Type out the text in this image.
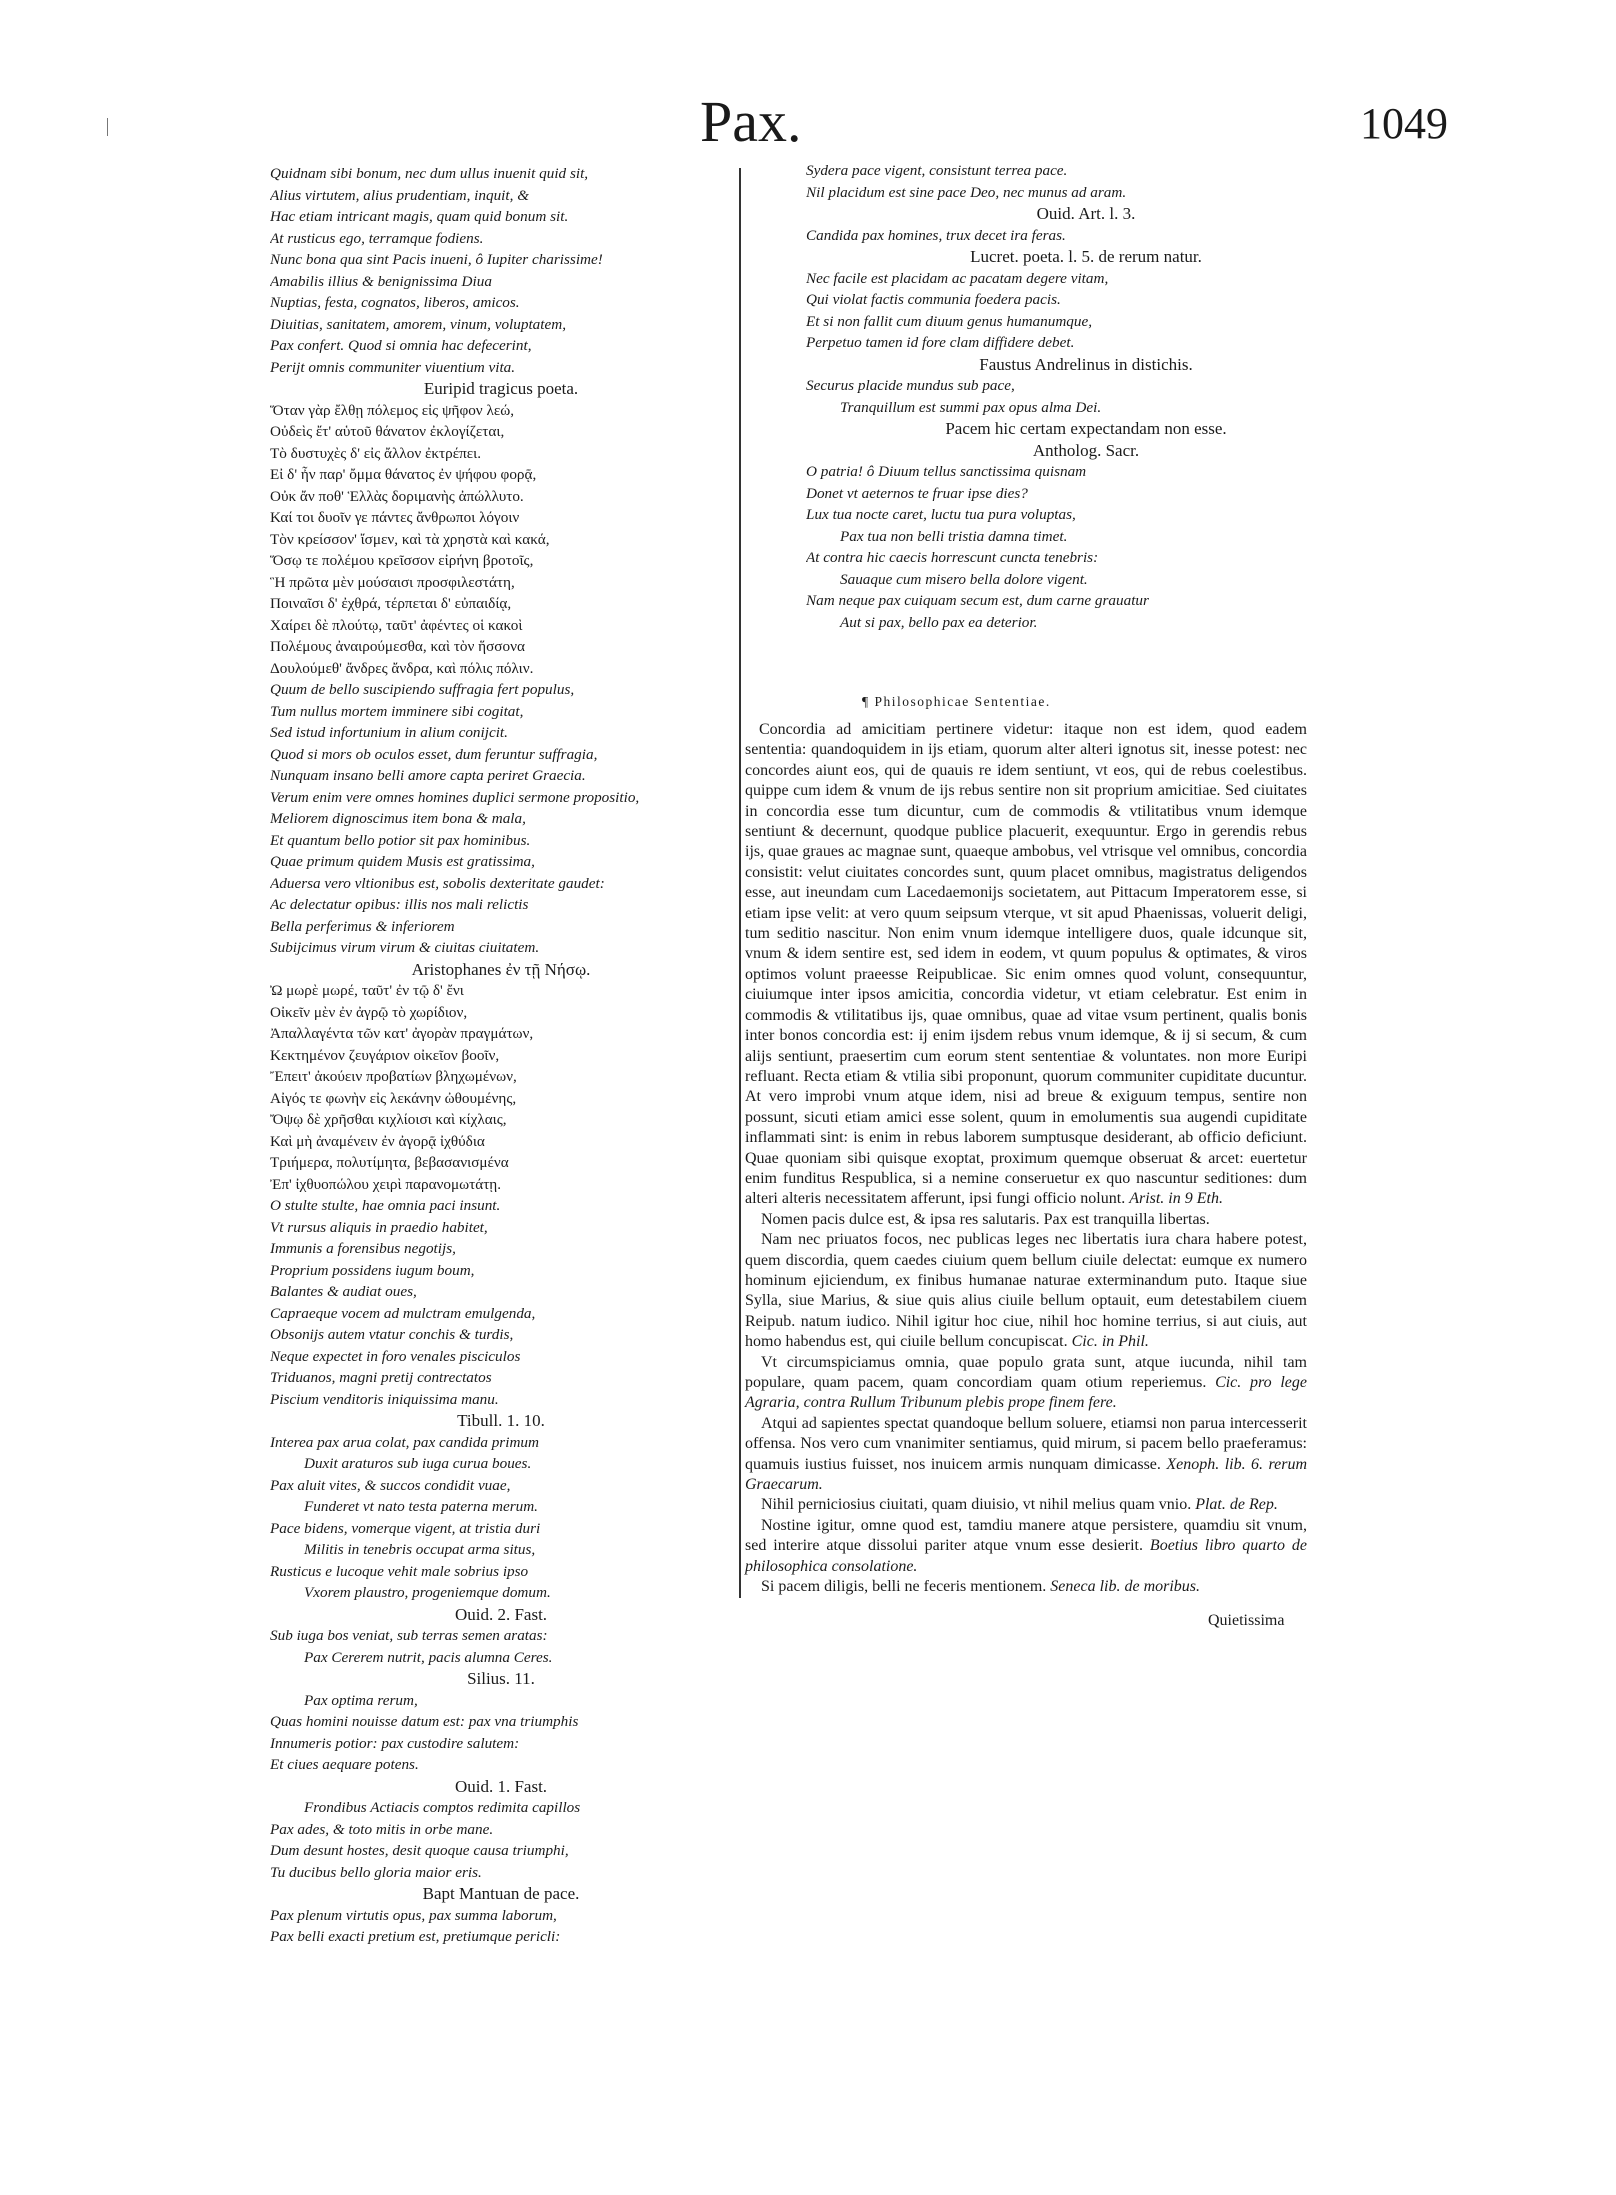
Pax.	1049
Quidnam sibi bonum, nec dum ullus inuenit quid sit,
Alius virtutem, alius prudentiam, inquit, &
Hac etiam intricant magis, quam quid bonum sit.
At rusticus ego, terramque fodiens.
Nunc bona qua sint Pacis inueni, ô Iupiter charissime!
Amabilis illius & benignissima Diua
Nuptias, festa, cognatos, liberos, amicos.
Diuitias, sanitatem, amorem, vinum, voluptatem,
Pax confert. Quod si omnia hac defecerint,
Perijt omnis communiter viuentium vita.
Euripid tragicus poeta.
Ὅταν γὰρ ἔλθῃ πόλεμος εἰς ψῆφον λεώ,
Οὐδεὶς ἔτ' αὑτοῦ θάνατον ἐκλογίζεται,
Τὸ δυστυχὲς δ' εἰς ἄλλον ἐκτρέπει.
Εἰ δ' ἦν παρ' ὄμμα θάνατος ἐν ψήφου φορᾷ,
Οὐκ ἄν ποθ' Ἑλλὰς δοριμανὴς ἀπώλλυτο.
Καί τοι δυοῖν γε πάντες ἄνθρωποι λόγοιν
Τὸν κρείσσον' ἴσμεν, καὶ τὰ χρηστὰ καὶ κακά,
Ὅσῳ τε πολέμου κρεῖσσον εἰρήνη βροτοῖς,
Ἣ πρῶτα μὲν μούσαισι προσφιλεστάτη,
Ποιναῖσι δ' ἐχθρά, τέρπεται δ' εὐπαιδίᾳ,
Χαίρει δὲ πλούτῳ, ταῦτ' ἀφέντες οἱ κακοὶ
Πολέμους ἀναιρούμεσθα, καὶ τὸν ἥσσονα
Δουλούμεθ' ἄνδρες ἄνδρα, καὶ πόλις πόλιν.
Quum de bello suscipiendo suffragia fert populus,
Tum nullus mortem imminere sibi cogitat,
Sed istud infortunium in alium conijcit.
Quod si mors ob oculos esset, dum feruntur suffragia,
Nunquam insano belli amore capta periret Graecia.
Verum enim vere omnes homines duplici sermone propositio,
Meliorem dignoscimus item bona & mala,
Et quantum bello potior sit pax hominibus.
Quae primum quidem Musis est gratissima,
Aduersa vero vltionibus est, sobolis dexteritate gaudet:
Ac delectatur opibus: illis nos mali relictis
Bella perferimus & inferiorem
Subijcimus virum virum & ciuitas ciuitatem.
Aristophanes ἐν τῇ Νήσῳ.
Ὠ μωρὲ μωρέ, ταῦτ' ἐν τῷ δ' ἔνι
Οἰκεῖν μὲν ἐν ἀγρῷ τὸ χωρίδιον,
Ἀπαλλαγέντα τῶν κατ' ἀγορὰν πραγμάτων,
Κεκτημένον ζευγάριον οἰκεῖον βοοῖν,
Ἔπειτ' ἀκούειν προβατίων βληχωμένων,
Αἰγός τε φωνὴν εἰς λεκάνην ὠθουμένης,
Ὄψῳ δὲ χρῆσθαι κιχλίοισι καὶ κίχλαις,
Καὶ μὴ ἀναμένειν ἐν ἀγορᾷ ἰχθύδια
Τριήμερα, πολυτίμητα, βεβασανισμένα
Ἐπ' ἰχθυοπώλου χειρὶ παρανομωτάτῃ.
O stulte stulte, hae omnia paci insunt.
Vt rursus aliquis in praedio habitet,
Immunis a forensibus negotijs,
Proprium possidens iugum boum,
Balantes & audiat oues,
Capraeque vocem ad mulctram emulgenda,
Obsonijs autem vtatur conchis & turdis,
Neque expectet in foro venales pisciculos
Triduanos, magni pretij contrectatos
Piscium venditoris iniquissima manu.
Tibull. 1. 10.
Interea pax arua colat, pax candida primum
Duxit araturos sub iuga curua boues.
Pax aluit vites, & succos condidit vuae,
Funderet vt nato testa paterna merum.
Pace bidens, vomerque vigent, at tristia duri
Militis in tenebris occupat arma situs,
Rusticus e lucoque vehit male sobrius ipso
Vxorem plaustro, progeniemque domum.
Ouid. 2. Fast.
Sub iuga bos veniat, sub terras semen aratas:
Pax Cererem nutrit, pacis alumna Ceres.
Silius. 11.
Pax optima rerum,
Quas homini nouisse datum est: pax vna triumphis
Innumeris potior: pax custodire salutem:
Et ciues aequare potens.
Ouid. 1. Fast.
Frondibus Actiacis comptos redimita capillos
Pax ades, & toto mitis in orbe mane.
Dum desunt hostes, desit quoque causa triumphi,
Tu ducibus bello gloria maior eris.
Bapt Mantuan de pace.
Pax plenum virtutis opus, pax summa laborum,
Pax belli exacti pretium est, pretiumque pericli:
Sydera pace vigent, consistunt terrea pace.
Nil placidum est sine pace Deo, nec munus ad aram.
Ouid. Art. l. 3.
Candida pax homines, trux decet ira feras.
Lucret. poeta. l. 5. de rerum natur.
Nec facile est placidam ac pacatam degere vitam,
Qui violat factis communia foedera pacis.
Et si non fallit cum diuum genus humanumque,
Perpetuo tamen id fore clam diffidere debet.
Faustus Andrelinus in distichis.
Securus placide mundus sub pace,
Tranquillum est summi pax opus alma Dei.
Pacem hic certam expectandam non esse.
Antholog. Sacr.
O patria! ô Diuum tellus sanctissima quisnam
Donet vt aeternos te fruar ipse dies?
Lux tua nocte caret, luctu tua pura voluptas,
Pax tua non belli tristia damna timet.
At contra hic caecis horrescunt cuncta tenebris:
Sauaque cum misero bella dolore vigent.
Nam neque pax cuiquam secum est, dum carne grauatur
Aut si pax, bello pax ea deterior.
¶ Philosophicae Sententiae.

Concordia ad amicitiam pertinere videtur: itaque non est idem, quod eadem sententia: quandoquidem in ijs etiam, quorum alter alteri ignotus sit, inesse potest: nec concordes aiunt eos, qui de quauis re idem sentiunt, vt eos, qui de rebus coelestibus. quippe cum idem & vnum de ijs rebus sentire non sit proprium amicitiae. Sed ciuitates in concordia esse tum dicuntur, cum de commodis & vtilitatibus vnum idemque sentiunt & decernunt, quodque publice placuerit, exequuntur. Ergo in gerendis rebus ijs, quae graues ac magnae sunt, quaeque ambobus, vel vtrisque vel omnibus, concordia consistit: velut ciuitates concordes sunt, quum placet omnibus, magistratus deligendos esse, aut ineundam cum Lacedaemonijs societatem, aut Pittacum Imperatorem esse, si etiam ipse velit: at vero quum seipsum vterque, vt sit apud Phaenissas, voluerit deligi, tum seditio nascitur. Non enim vnum idemque intelligere duos, quale idcunque sit, vnum & idem sentire est, sed idem in eodem, vt quum populus & optimates, & viros optimos volunt praeesse Reipublicae. Sic enim omnes quod volunt, consequuntur, ciuiumque inter ipsos amicitia, concordia videtur, vt etiam celebratur. Est enim in commodis & vtilitatibus ijs, quae omnibus, quae ad vitae vsum pertinent, qualis bonis inter bonos concordia est: ij enim ijsdem rebus vnum idemque, & ij si secum, & cum alijs sentiunt, praesertim cum eorum stent sententiae & voluntates. non more Euripi refluant. Recta etiam & vtilia sibi proponunt, quorum communiter cupiditate ducuntur. At vero improbi vnum atque idem, nisi ad breue & exiguum tempus, sentire non possunt, sicuti etiam amici esse solent, quum in emolumentis sua augendi cupiditate inflammati sint: is enim in rebus laborem sumptusque desiderant, ab officio deficiunt. Quae quoniam sibi quisque exoptat, proximum quemque obseruat & arcet: euertetur enim funditus Respublica, si a nemine conseruetur ex quo nascuntur seditiones: dum alteri alteris necessitatem afferunt, ipsi fungi officio nolunt. Arist. in 9 Eth.

Nomen pacis dulce est, & ipsa res salutaris. Pax est tranquilla libertas.

Nam nec priuatos focos, nec publicas leges nec libertatis iura chara habere potest, quem discordia, quem caedes ciuium quem bellum ciuile delectat: eumque ex numero hominum ejiciendum, ex finibus humanae naturae exterminandum puto. Itaque siue Sylla, siue Marius, & siue quis alius ciuile bellum optauit, eum detestabilem ciuem Reipub. natum iudico. Nihil igitur hoc ciue, nihil hoc homine terrius, si aut ciuis, aut homo habendus est, qui ciuile bellum concupiscat. Cic. in Phil.

Vt circumspiciamus omnia, quae populo grata sunt, atque iucunda, nihil tam populare, quam pacem, quam concordiam quam otium reperiemus. Cic. pro lege Agraria, contra Rullum Tribunum plebis prope finem fere.

Atqui ad sapientes spectat quandoque bellum soluere, etiamsi non parua intercesserit offensa. Nos vero cum vnanimiter sentiamus, quid mirum, si pacem bello praeferamus: quamuis iustius fuisset, nos inuicem armis nunquam dimicasse. Xenoph. lib. 6. rerum Graecarum.

Nihil perniciosius ciuitati, quam diuisio, vt nihil melius quam vnio. Plat. de Rep.

Nostine igitur, omne quod est, tamdiu manere atque persistere, quamdiu sit vnum, sed interire atque dissolui pariter atque vnum esse desierit. Boetius libro quarto de philosophica consolatione.

Si pacem diligis, belli ne feceris mentionem. Seneca lib. de moribus.

Quietissima
